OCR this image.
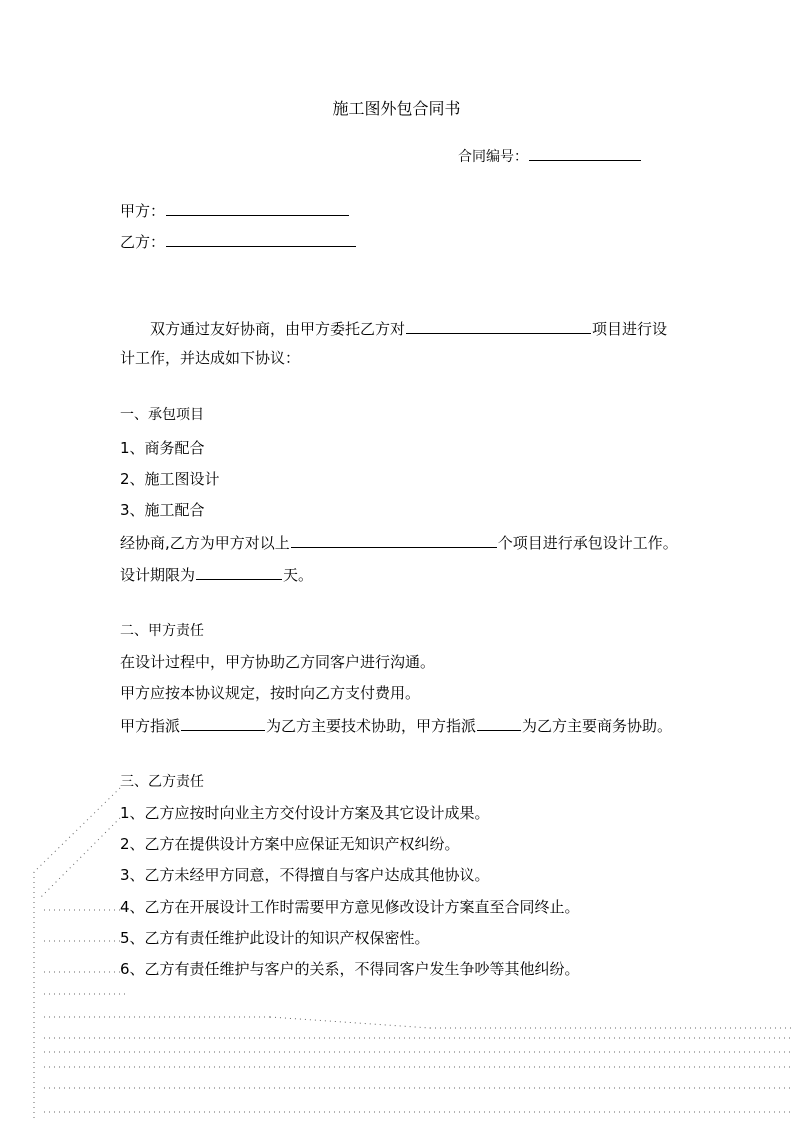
施工图外包合同书
合同编号：
甲方：
乙方：
双方通过友好协商，由甲方委托乙方对	项目进行设
计工作，并达成如下协议：
一、承包项目
1、商务配合
2、施工图设计
3、施工配合
经协商,乙方为甲方对以上	个项目进行承包设计工作。
设计期限为	天。
二、甲方责任
在设计过程中，甲方协助乙方同客户进行沟通。
甲方应按本协议规定，按时向乙方支付费用。
甲方指派	为乙方主要技术协助，甲方指派	为乙方主要商务协助。
三、乙方责任
1、乙方应按时向业主方交付设计方案及其它设计成果。
2、乙方在提供设计方案中应保证无知识产权纠纷。
3、乙方未经甲方同意，不得擅自与客户达成其他协议。
4、乙方在开展设计工作时需要甲方意见修改设计方案直至合同终止。
5、乙方有责任维护此设计的知识产权保密性。
6、乙方有责任维护与客户的关系，不得同客户发生争吵等其他纠纷。
